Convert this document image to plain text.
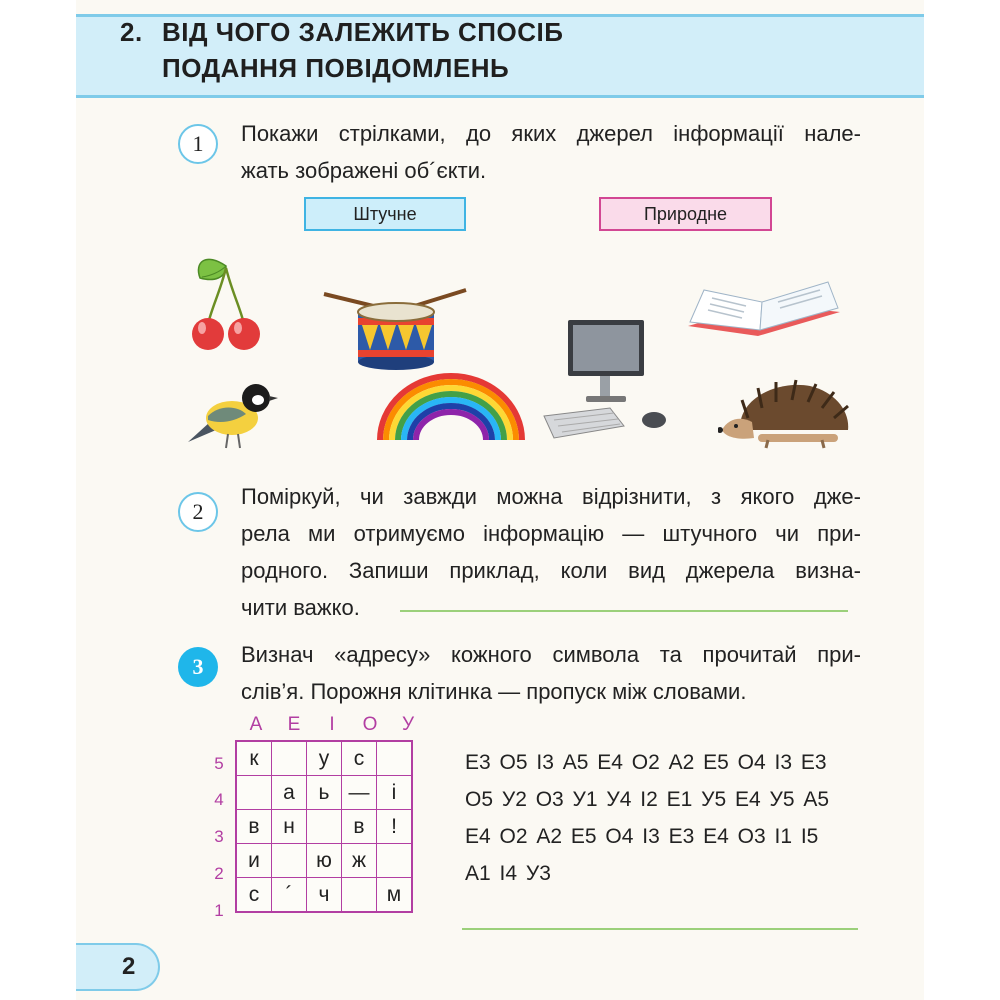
2. ВІД ЧОГО ЗАЛЕЖИТЬ СПОСІБ
ПОДАННЯ ПОВІДОМЛЕНЬ
1	Покажи стрілками, до яких джерел інформації нале-
жать зображені об´єкти.
Штучне	Природне
2
Поміркуй, чи завжди можна відрізнити, з якого дже-
рела ми отримуємо інформацію — штучного чи при-
родного. Запиши приклад, коли вид джерела визна-
чити важко.
3	Визнач «адресу» кожного символа та прочитай при-
слів’я. Порожня клітинка — пропуск між словами.
А	Е	І	О	У
5
4
3
2
1
к		у	с	
	а	ь	—	і
в	н		в	!
и		ю	ж	
с	´	ч		м
Е3 О5 І3 А5 Е4 О2 А2 Е5 О4 І3 Е3
О5 У2 О3 У1 У4 І2 Е1 У5 Е4 У5 А5
Е4 О2 А2 Е5 О4 І3 Е3 Е4 О3 І1 І5
А1 І4 У3
2
